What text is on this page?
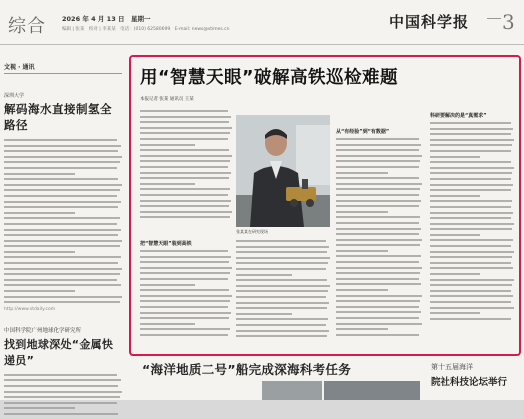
综合 2026 年 4 月 13 日　星期一
编辑 | 张某　校对 | 李某某　电话：(010) 62580699　E-mail: news@stimes.cn	中国科学报 3
文视 · 通讯
深圳大学
解码海水直接制氢全路径
http://www.stdaily.com
中国科学院广州地球化学研究所
找到地球深处“金属快递员”
用“智慧天眼”破解高铁巡检难题
本报记者 张某 通讯员 王某
把“智慧天眼”装到高铁
张某某在研究现场
从“有经验”到“有数据”
科研要解决的是“真需求”
“海洋地质二号”船完成深海科考任务	第十五届海洋
院社科技论坛举行
